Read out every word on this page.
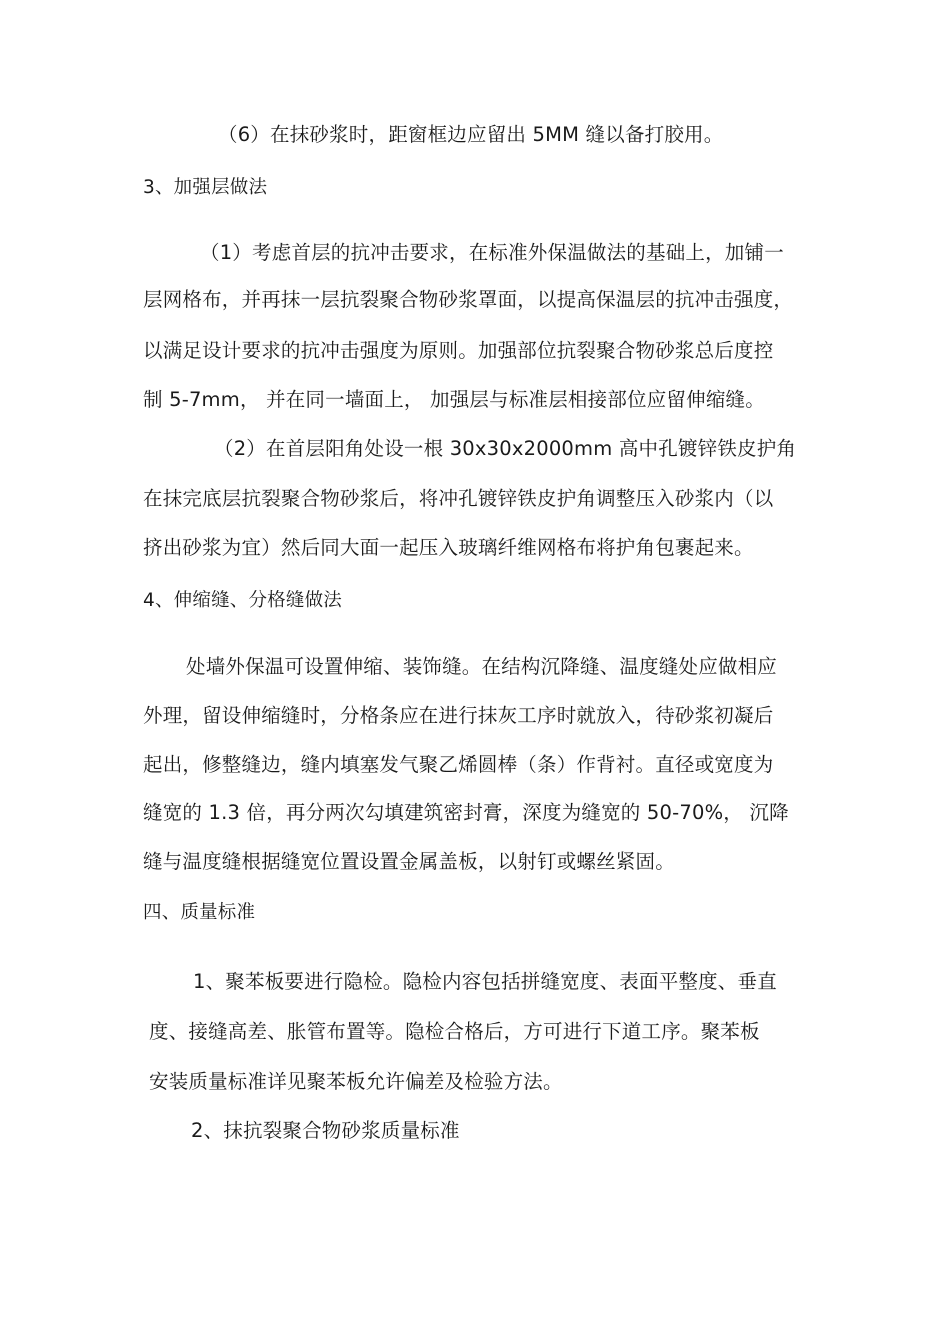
（6）在抹砂浆时，距窗框边应留出 5MM 缝以备打胶用。
3、加强层做法
（1）考虑首层的抗冲击要求，在标准外保温做法的基础上，加铺一
层网格布，并再抹一层抗裂聚合物砂浆罩面，以提高保温层的抗冲击强度，
以满足设计要求的抗冲击强度为原则。加强部位抗裂聚合物砂浆总后度控
制 5-7mm， 并在同一墙面上， 加强层与标准层相接部位应留伸缩缝。
（2）在首层阳角处设一根 30x30x2000mm 高中孔镀锌铁皮护角
在抹完底层抗裂聚合物砂浆后，将冲孔镀锌铁皮护角调整压入砂浆内（以
挤出砂浆为宜）然后同大面一起压入玻璃纤维网格布将护角包裹起来。
4、伸缩缝、分格缝做法
处墙外保温可设置伸缩、装饰缝。在结构沉降缝、温度缝处应做相应
外理，留设伸缩缝时，分格条应在进行抹灰工序时就放入，待砂浆初凝后
起出，修整缝边，缝内填塞发气聚乙烯圆棒（条）作背衬。直径或宽度为
缝宽的 1.3 倍，再分两次勾填建筑密封膏，深度为缝宽的 50-70%， 沉降
缝与温度缝根据缝宽位置设置金属盖板，以射钉或螺丝紧固。
四、质量标准
1、聚苯板要进行隐检。隐检内容包括拼缝宽度、表面平整度、垂直
度、接缝高差、胀管布置等。隐检合格后，方可进行下道工序。聚苯板
安装质量标准详见聚苯板允许偏差及检验方法。
2、抹抗裂聚合物砂浆质量标准
